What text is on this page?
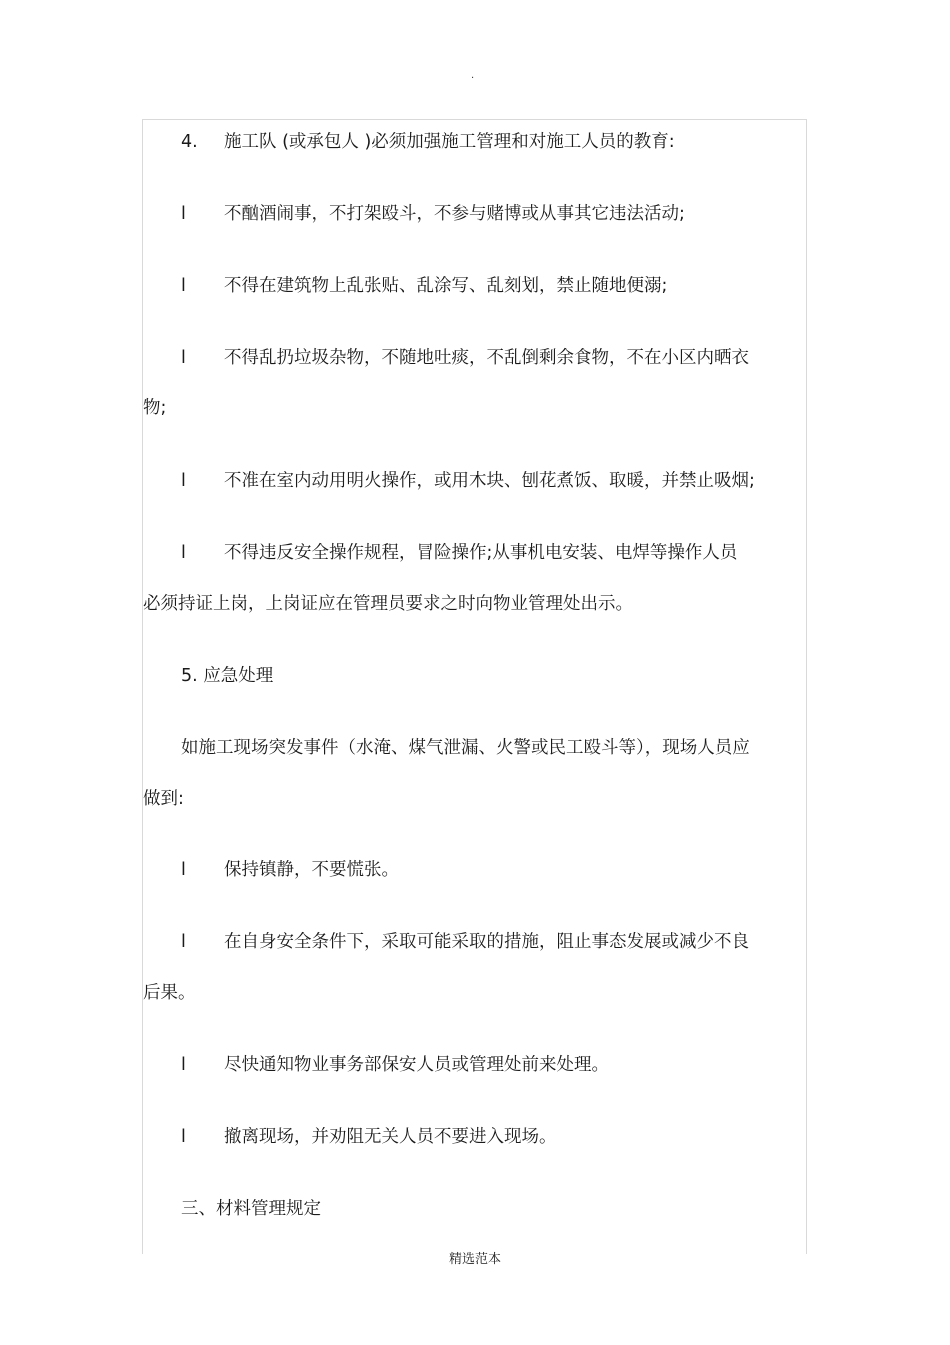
.
4. 施工队 (或承包人 )必须加强施工管理和对施工人员的教育:
l 不酗酒闹事，不打架殴斗，不参与赌博或从事其它违法活动;
l 不得在建筑物上乱张贴、乱涂写、乱刻划，禁止随地便溺;
l 不得乱扔垃圾杂物，不随地吐痰，不乱倒剩余食物，不在小区内晒衣
物;
l 不准在室内动用明火操作，或用木块、刨花煮饭、取暖，并禁止吸烟;
l 不得违反安全操作规程，冒险操作;从事机电安装、电焊等操作人员
必须持证上岗，上岗证应在管理员要求之时向物业管理处出示。
5. 应急处理
如施工现场突发事件（水淹、煤气泄漏、火警或民工殴斗等），现场人员应
做到:
l 保持镇静，不要慌张。
l 在自身安全条件下，采取可能采取的措施，阻止事态发展或减少不良
后果。
l 尽快通知物业事务部保安人员或管理处前来处理。
l 撤离现场，并劝阻无关人员不要进入现场。
三、材料管理规定
精选范本
